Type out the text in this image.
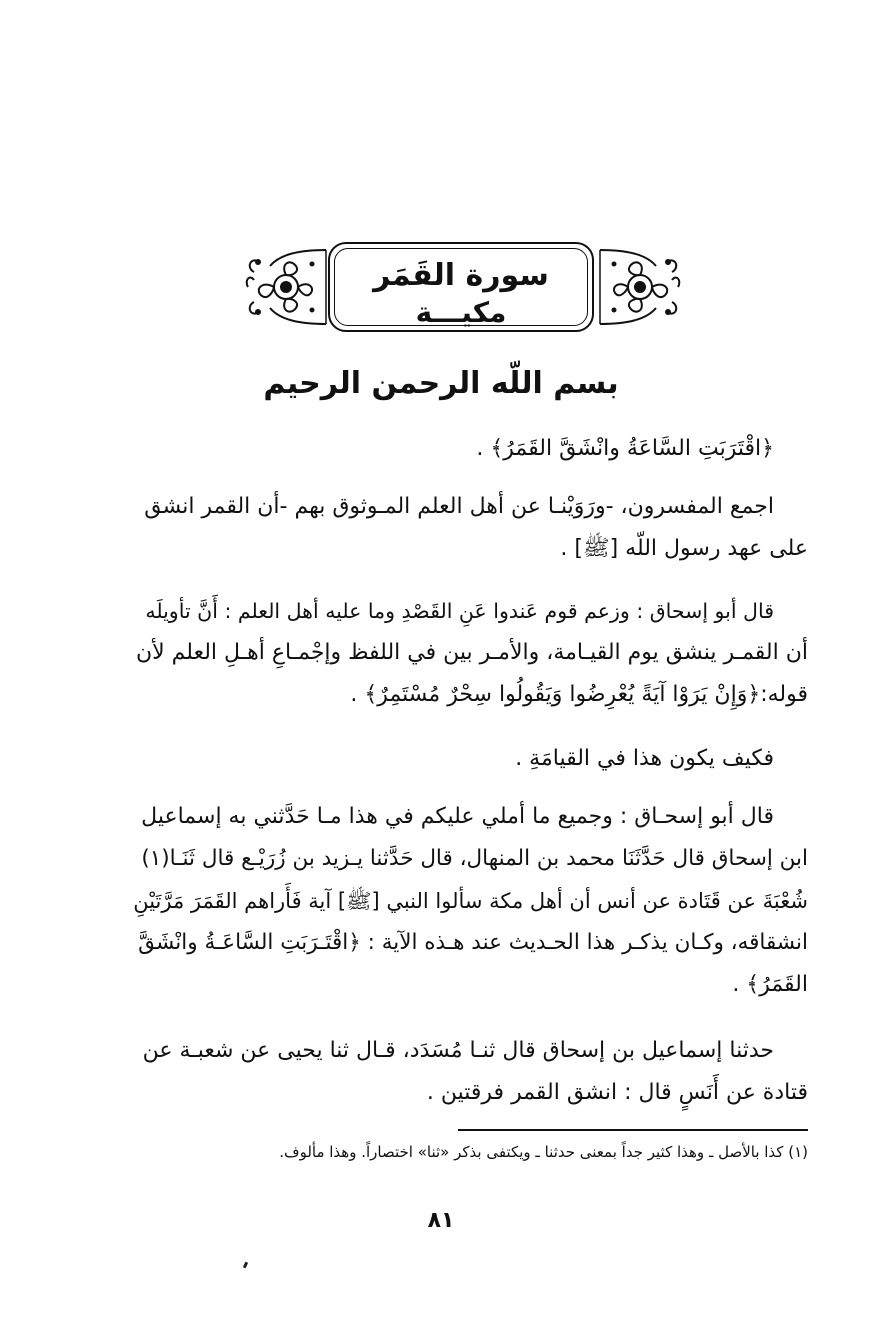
سورة القَمَر
مكيـــة
بسم اللّه الرحمن الرحيم
﴿اقْتَرَبَتِ السَّاعَةُ وانْشَقَّ القَمَرُ﴾ .
اجمع المفسرون، -ورَوَيْنـا عن أهل العلم المـوثوق بهم -أن القمر انشق
على عهد رسول اللّه [ﷺ] .
قال أبو إسحاق : وزعم قوم عَندوا عَنِ القَصْدِ وما عليه أهل العلم : أَنَّ تأويلَه
أن القمـر ينشق يوم القيـامة، والأمـر بين في اللفظ وإجْمـاعِ أهـلِ العلم لأن
قوله:﴿وَإِنْ يَرَوْا آيَةً يُعْرِضُوا وَيَقُولُوا سِحْرٌ مُسْتَمِرٌ﴾ .
فكيف يكون هذا في القيامَةِ .
قال أبو إسحـاق : وجميع ما أملي عليكم في هذا مـا حَدَّثني به إسماعيل
ابن إسحاق قال حَدَّثَنَا محمد بن المنهال، قال حَدَّثنا يـزيد بن زُرَيْـع قال ثَنَـا(١)
شُعْبَةَ عن قَتَادة عن أنس أن أهل مكة سألوا النبي [ﷺ] آية فَأَراهم القَمَرَ مَرَّتَيْنِ
انشقاقه، وكـان يذكـر هذا الحـديث عند هـذه الآية : ﴿اقْتَـرَبَتِ السَّاعَـةُ وانْشَقَّ
القَمَرُ﴾ .
حدثنا إسماعيل بن إسحاق قال ثنـا مُسَدَد، قـال ثنا يحيى عن شعبـة عن
قتادة عن أَنَسٍ قال : انشق القمر فرقتين .
(١) كذا بالأصل ـ وهذا كثير جداً بمعنى حدثنا ـ ويكتفى بذكر «ثنا» اختصاراً. وهذا مألوف.
٨١
